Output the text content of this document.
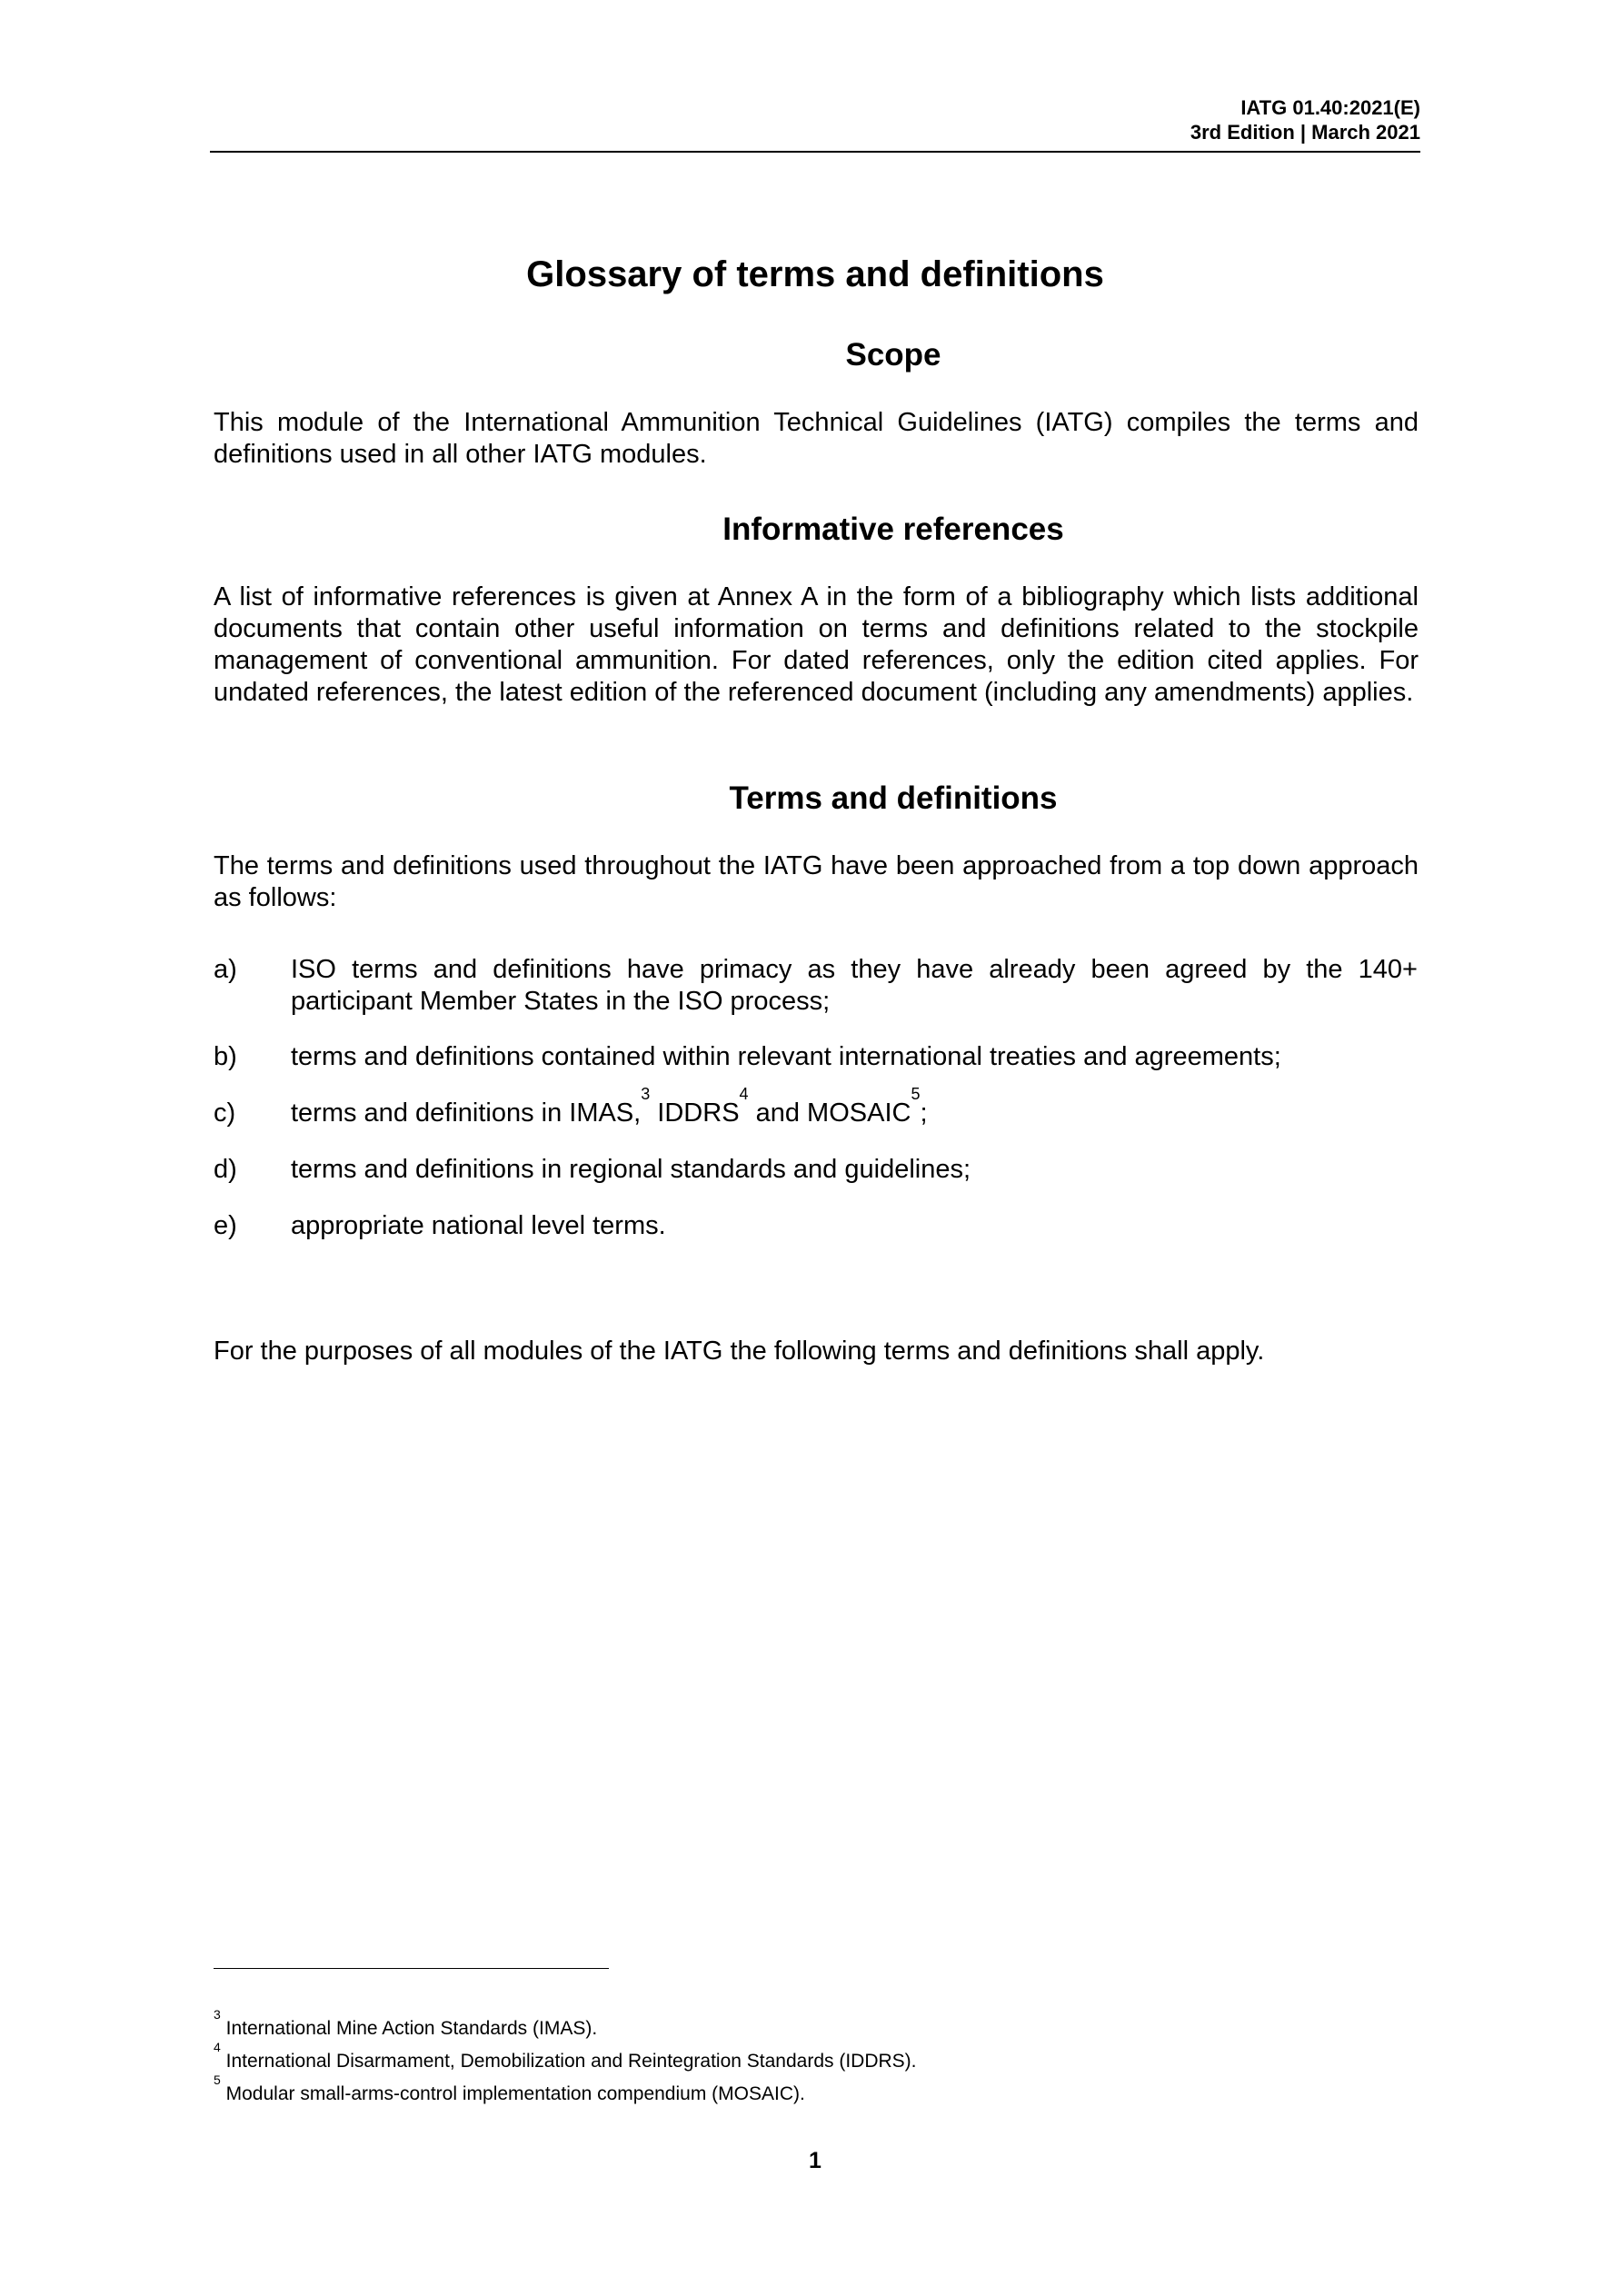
IATG 01.40:2021(E)
3rd Edition | March 2021
Glossary of terms and definitions
Scope

This module of the International Ammunition Technical Guidelines (IATG) compiles the terms and definitions used in all other IATG modules.

Informative references

A list of informative references is given at Annex A in the form of a bibliography which lists additional documents that contain other useful information on terms and definitions related to the stockpile management of conventional ammunition. For dated references, only the edition cited applies. For undated references, the latest edition of the referenced document (including any amendments) applies.

Terms and definitions

The terms and definitions used throughout the IATG have been approached from a top down approach as follows:

a)	ISO terms and definitions have primacy as they have already been agreed by the 140+ participant Member States in the ISO process;
b)	terms and definitions contained within relevant international treaties and agreements;
c)	terms and definitions in IMAS,$^3$ IDDRS$^4$ and MOSAIC$^5$;
d)	terms and definitions in regional standards and guidelines;
e)	appropriate national level terms.

For the purposes of all modules of the IATG the following terms and definitions shall apply.

$^3$ International Mine Action Standards (IMAS).
$^4$ International Disarmament, Demobilization and Reintegration Standards (IDDRS).
$^5$ Modular small-arms-control implementation compendium (MOSAIC).
1
